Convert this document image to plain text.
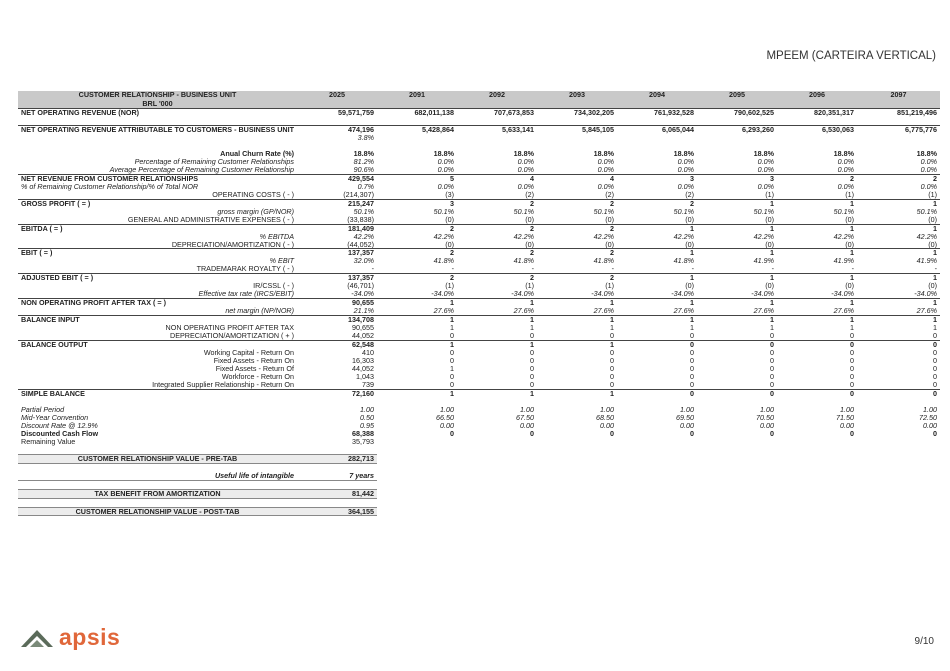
MPEEM (CARTEIRA VERTICAL)
CUSTOMER RELATIONSHIP - BUSINESS UNIT
BRL '000	2025	2091	2092	2093	2094	2095	2096	2097
NET OPERATING REVENUE (NOR)	59,571,759	682,011,138	707,673,853	734,302,205	761,932,528	790,602,525	820,351,317	851,219,496

NET OPERATING REVENUE ATTRIBUTABLE TO CUSTOMERS - BUSINESS UNIT	474,196	5,428,864	5,633,141	5,845,105	6,065,044	6,293,260	6,530,063	6,775,776
	3.8%							

Anual Churn Rate (%)	18.8%	18.8%	18.8%	18.8%	18.8%	18.8%	18.8%	18.8%
Percentage of Remaining Customer Relationships	81.2%	0.0%	0.0%	0.0%	0.0%	0.0%	0.0%	0.0%
Average Percentage of Remaining Customer Relationship	90.6%	0.0%	0.0%	0.0%	0.0%	0.0%	0.0%	0.0%
NET REVENUE FROM CUSTOMER RELATIONSHIPS	429,554	5	4	4	3	3	2	2
% of Remaining Customer Relationship/% of Total NOR	0.7%	0.0%	0.0%	0.0%	0.0%	0.0%	0.0%	0.0%
OPERATING COSTS ( - )	(214,307)	(3)	(2)	(2)	(2)	(1)	(1)	(1)
GROSS PROFIT ( = )	215,247	3	2	2	2	1	1	1
gross margin (GP/NOR)	50.1%	50.1%	50.1%	50.1%	50.1%	50.1%	50.1%	50.1%
GENERAL AND ADMINISTRATIVE EXPENSES ( - )	(33,838)	(0)	(0)	(0)	(0)	(0)	(0)	(0)
EBITDA ( = )	181,409	2	2	2	1	1	1	1
% EBITDA	42.2%	42.2%	42.2%	42.2%	42.2%	42.2%	42.2%	42.2%
DEPRECIATION/AMORTIZATION ( - )	(44,052)	(0)	(0)	(0)	(0)	(0)	(0)	(0)
EBIT ( = )	137,357	2	2	2	1	1	1	1
% EBIT	32.0%	41.8%	41.8%	41.8%	41.8%	41.9%	41.9%	41.9%
TRADEMARAK ROYALTY ( - )	-	-	-	-	-	-	-	-
ADJUSTED EBIT ( = )	137,357	2	2	2	1	1	1	1
IR/CSSL ( - )	(46,701)	(1)	(1)	(1)	(0)	(0)	(0)	(0)
Effective tax rate (IRCS/EBIT)	-34.0%	-34.0%	-34.0%	-34.0%	-34.0%	-34.0%	-34.0%	-34.0%
NON OPERATING PROFIT AFTER TAX ( = )	90,655	1	1	1	1	1	1	1
net margin (NP/NOR)	21.1%	27.6%	27.6%	27.6%	27.6%	27.6%	27.6%	27.6%
BALANCE INPUT	134,708	1	1	1	1	1	1	1
NON OPERATING PROFIT AFTER TAX	90,655	1	1	1	1	1	1	1
DEPRECIATION/AMORTIZATION ( + )	44,052	0	0	0	0	0	0	0
BALANCE OUTPUT	62,548	1	1	1	0	0	0	0
Working Capital - Return On	410	0	0	0	0	0	0	0
Fixed Assets - Return On	16,303	0	0	0	0	0	0	0
Fixed Assets - Return Of	44,052	1	0	0	0	0	0	0
Workforce - Return On	1,043	0	0	0	0	0	0	0
Integrated Supplier Relationship - Return On	739	0	0	0	0	0	0	0
SIMPLE BALANCE	72,160	1	1	1	0	0	0	0

Partial Period	1.00	1.00	1.00	1.00	1.00	1.00	1.00	1.00
Mid-Year Convention	0.50	66.50	67.50	68.50	69.50	70.50	71.50	72.50
Discount Rate @ 12.9%	0.95	0.00	0.00	0.00	0.00	0.00	0.00	0.00
Discounted Cash Flow	68,388	0	0	0	0	0	0	0
Remaining Value	35,793							

CUSTOMER RELATIONSHIP VALUE - PRE-TAB	282,713							

Useful life of intangible	7 years							

TAX BENEFIT FROM AMORTIZATION	81,442							

CUSTOMER RELATIONSHIP VALUE - POST-TAB	364,155							
apsis	9/10
